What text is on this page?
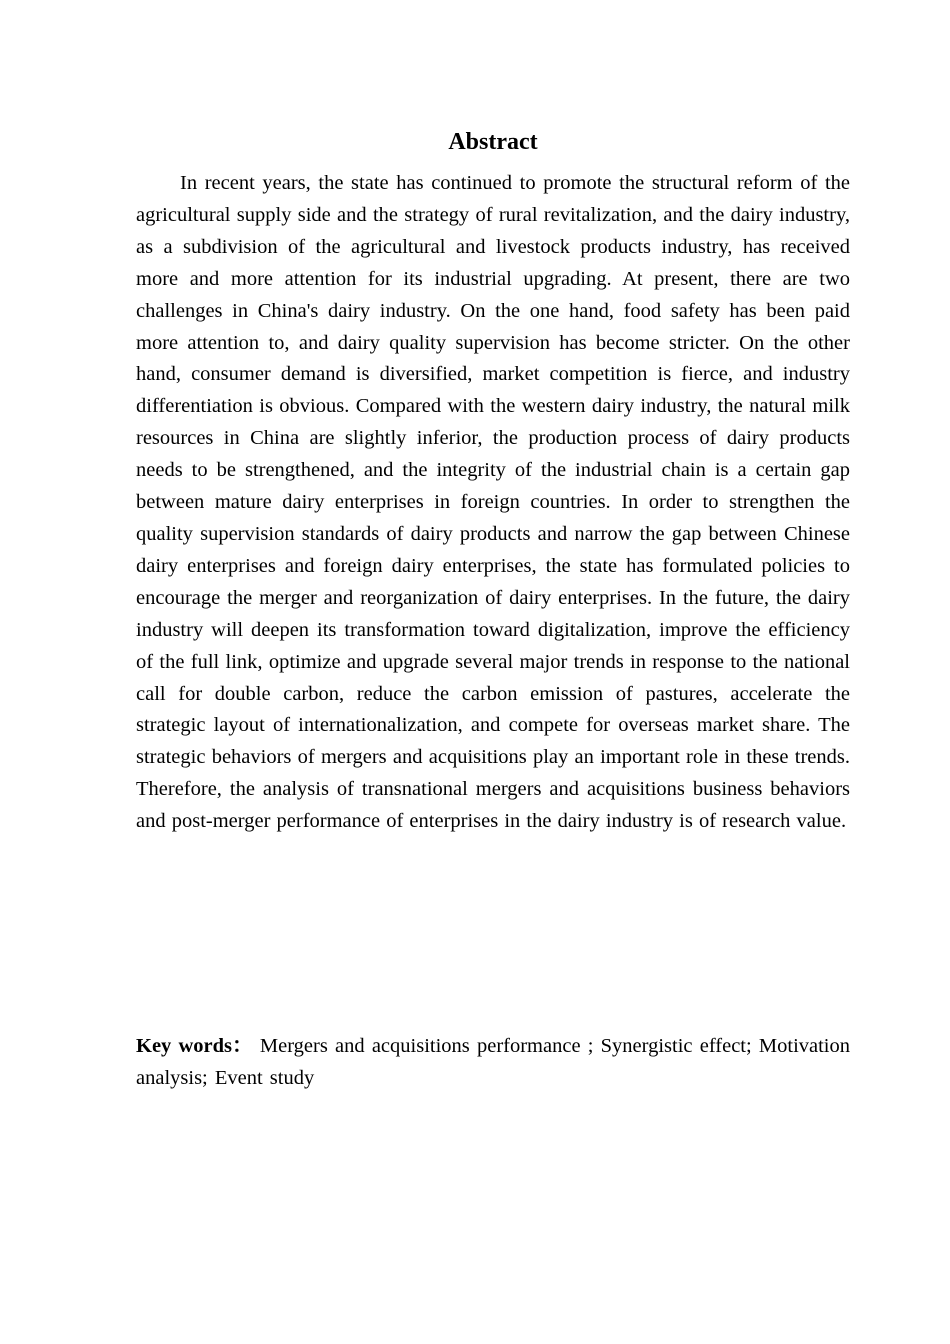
Abstract

In recent years, the state has continued to promote the structural reform of the agricultural supply side and the strategy of rural revitalization, and the dairy industry, as a subdivision of the agricultural and livestock products industry, has received more and more attention for its industrial upgrading. At present, there are two challenges in China's dairy industry. On the one hand, food safety has been paid more attention to, and dairy quality supervision has become stricter. On the other hand, consumer demand is diversified, market competition is fierce, and industry differentiation is obvious. Compared with the western dairy industry, the natural milk resources in China are slightly inferior, the production process of dairy products needs to be strengthened, and the integrity of the industrial chain is a certain gap between mature dairy enterprises in foreign countries. In order to strengthen the quality supervision standards of dairy products and narrow the gap between Chinese dairy enterprises and foreign dairy enterprises, the state has formulated policies to encourage the merger and reorganization of dairy enterprises. In the future, the dairy industry will deepen its transformation toward digitalization, improve the efficiency of the full link, optimize and upgrade several major trends in response to the national call for double carbon, reduce the carbon emission of pastures, accelerate the strategic layout of internationalization, and compete for overseas market share. The strategic behaviors of mergers and acquisitions play an important role in these trends. Therefore, the analysis of transnational mergers and acquisitions business behaviors and post-merger performance of enterprises in the dairy industry is of research value.

Key words： Mergers and acquisitions performance ; Synergistic effect; Motivation analysis; Event study
